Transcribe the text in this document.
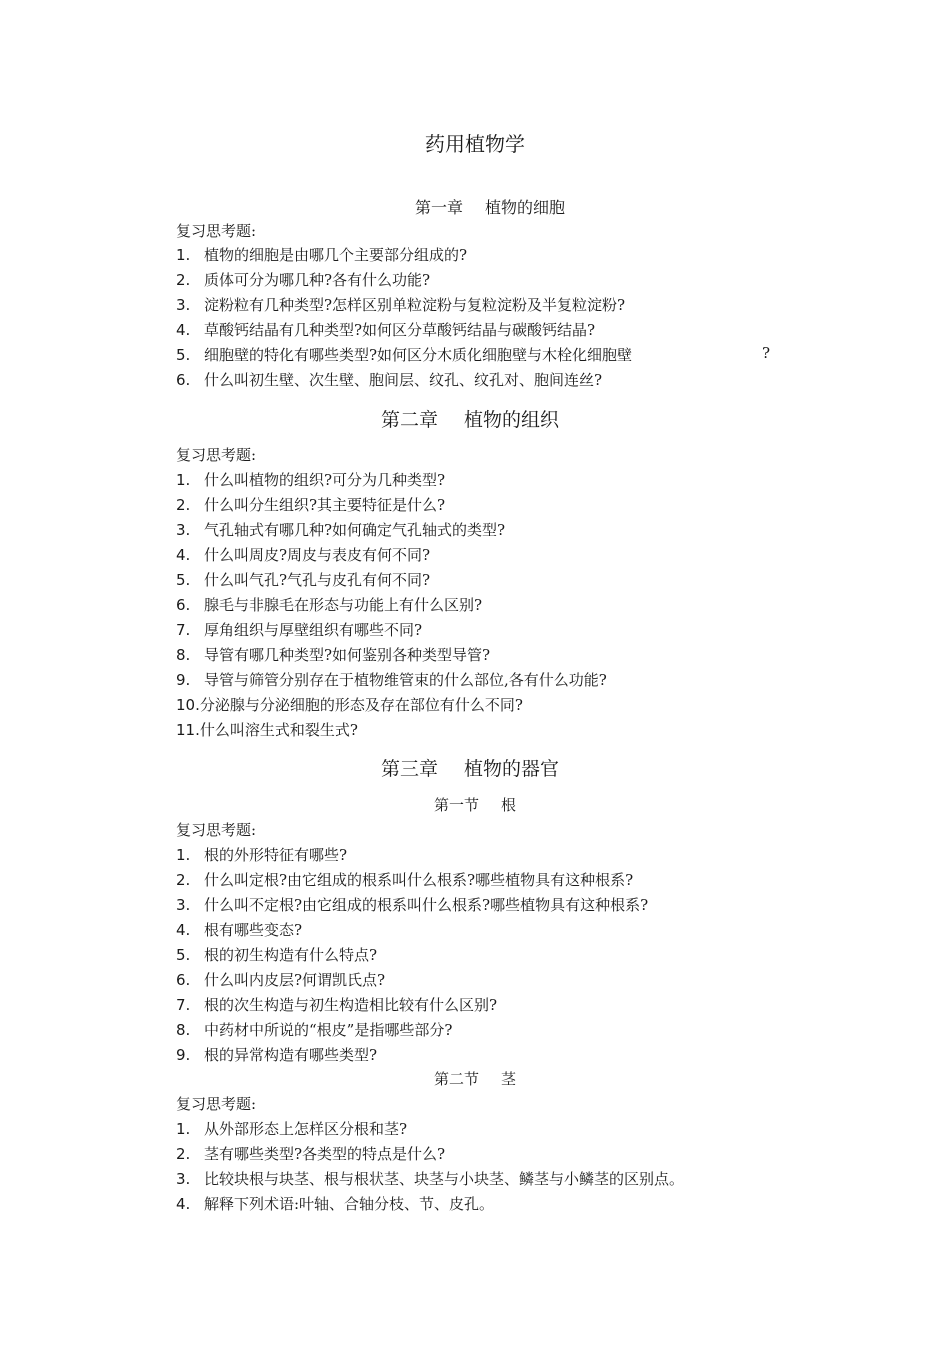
药用植物学
第一章 植物的细胞
复习思考题:
1. 植物的细胞是由哪几个主要部分组成的?
2. 质体可分为哪几种?各有什么功能?
3. 淀粉粒有几种类型?怎样区别单粒淀粉与复粒淀粉及半复粒淀粉?
4. 草酸钙结晶有几种类型?如何区分草酸钙结晶与碳酸钙结晶?
5. 细胞壁的特化有哪些类型?如何区分木质化细胞壁与木栓化细胞壁	?
6. 什么叫初生壁、次生壁、胞间层、纹孔、纹孔对、胞间连丝?
第二章 植物的组织
复习思考题:
1. 什么叫植物的组织?可分为几种类型?
2. 什么叫分生组织?其主要特征是什么?
3. 气孔轴式有哪几种?如何确定气孔轴式的类型?
4. 什么叫周皮?周皮与表皮有何不同?
5. 什么叫气孔?气孔与皮孔有何不同?
6. 腺毛与非腺毛在形态与功能上有什么区别?
7. 厚角组织与厚壁组织有哪些不同?
8. 导管有哪几种类型?如何鉴别各种类型导管?
9. 导管与筛管分别存在于植物维管束的什么部位,各有什么功能?
10.分泌腺与分泌细胞的形态及存在部位有什么不同?
11.什么叫溶生式和裂生式?
第三章 植物的器官
第一节 根
复习思考题:
1. 根的外形特征有哪些?
2. 什么叫定根?由它组成的根系叫什么根系?哪些植物具有这种根系?
3. 什么叫不定根?由它组成的根系叫什么根系?哪些植物具有这种根系?
4. 根有哪些变态?
5. 根的初生构造有什么特点?
6. 什么叫内皮层?何谓凯氏点?
7. 根的次生构造与初生构造相比较有什么区别?
8. 中药材中所说的“根皮”是指哪些部分?
9. 根的异常构造有哪些类型?
第二节 茎
复习思考题:
1. 从外部形态上怎样区分根和茎?
2. 茎有哪些类型?各类型的特点是什么?
3. 比较块根与块茎、根与根状茎、块茎与小块茎、鳞茎与小鳞茎的区别点。
4. 解释下列术语:叶轴、合轴分枝、节、皮孔。
